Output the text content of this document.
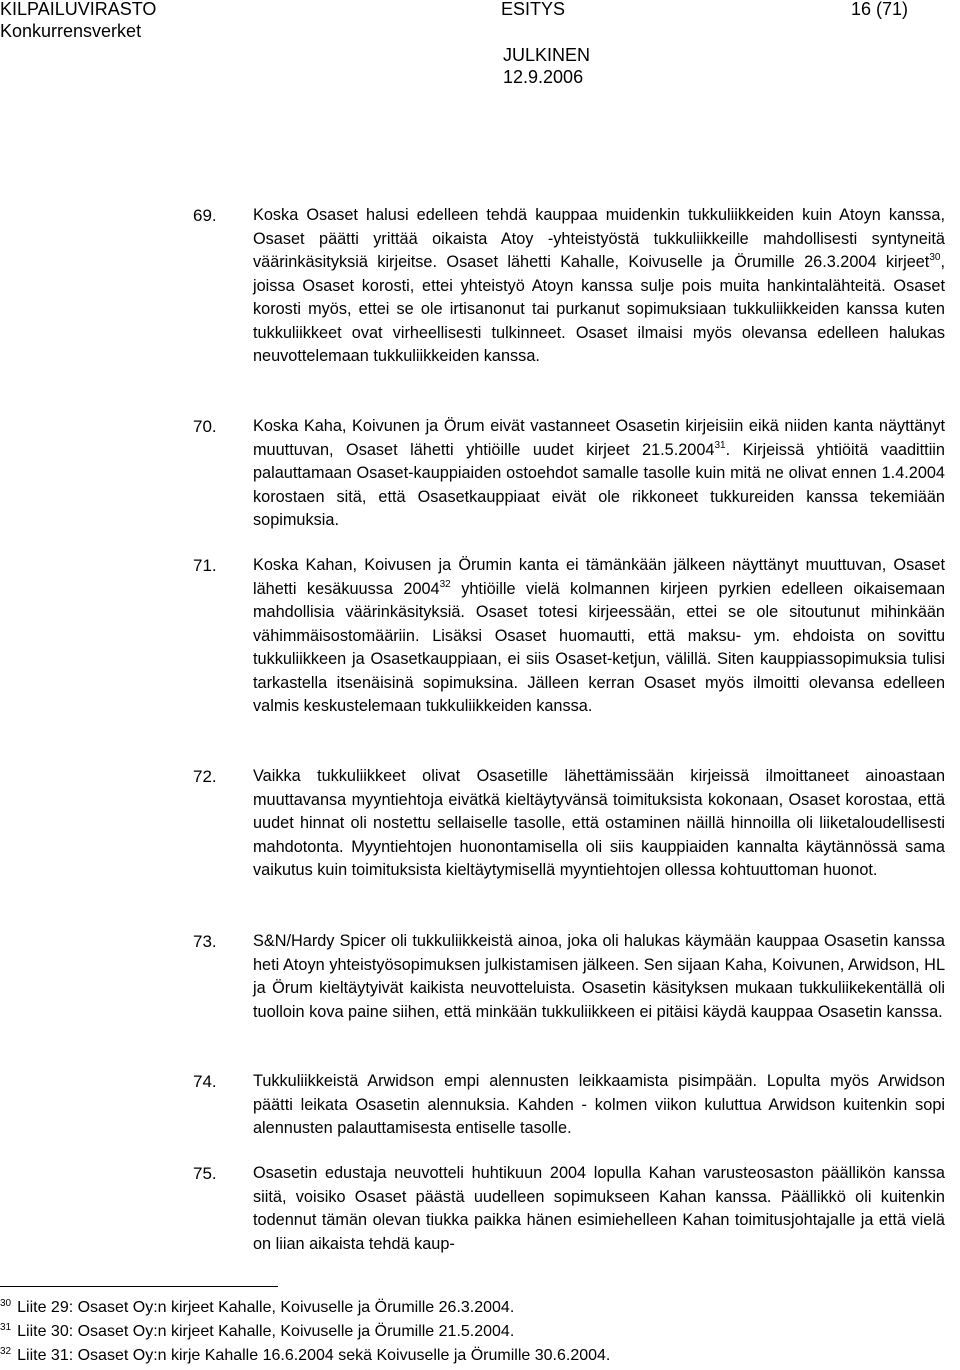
KILPAILUVIRASTO
Konkurrensverket
ESITYS	16 (71)
JULKINEN
12.9.2006
69. Koska Osaset halusi edelleen tehdä kauppaa muidenkin tukkuliikkeiden kuin Atoyn kanssa, Osaset päätti yrittää oikaista Atoy -yhteistyöstä tukkuliikkeille mahdollisesti syntyneitä väärinkäsityksiä kirjeitse. Osaset lähetti Kahalle, Koivuselle ja Örumille 26.3.2004 kirjeet$^{30}$, joissa Osaset korosti, ettei yhteistyö Atoyn kanssa sulje pois muita hankintalähteitä. Osaset korosti myös, ettei se ole irtisanonut tai purkanut sopimuksiaan tukkuliikkeiden kanssa kuten tukkuliikkeet ovat virheellisesti tulkinneet. Osaset ilmaisi myös olevansa edelleen halukas neuvottelemaan tukkuliikkeiden kanssa.
70. Koska Kaha, Koivunen ja Örum eivät vastanneet Osasetin kirjeisiin eikä niiden kanta näyttänyt muuttuvan, Osaset lähetti yhtiöille uudet kirjeet 21.5.2004$^{31}$. Kirjeissä yhtiöitä vaadittiin palauttamaan Osaset-kauppiaiden ostoehdot samalle tasolle kuin mitä ne olivat ennen 1.4.2004 korostaen sitä, että Osasetkauppiaat eivät ole rikkoneet tukkureiden kanssa tekemiään sopimuksia.
71. Koska Kahan, Koivusen ja Örumin kanta ei tämänkään jälkeen näyttänyt muuttuvan, Osaset lähetti kesäkuussa 2004$^{32}$ yhtiöille vielä kolmannen kirjeen pyrkien edelleen oikaisemaan mahdollisia väärinkäsityksiä. Osaset totesi kirjeessään, ettei se ole sitoutunut mihinkään vähimmäisostomääriin. Lisäksi Osaset huomautti, että maksu- ym. ehdoista on sovittu tukkuliikkeen ja Osasetkauppiaan, ei siis Osaset-ketjun, välillä. Siten kauppiassopimuksia tulisi tarkastella itsenäisinä sopimuksina. Jälleen kerran Osaset myös ilmoitti olevansa edelleen valmis keskustelemaan tukkuliikkeiden kanssa.
72. Vaikka tukkuliikkeet olivat Osasetille lähettämissään kirjeissä ilmoittaneet ainoastaan muuttavansa myyntiehtoja eivätkä kieltäytyvänsä toimituksista kokonaan, Osaset korostaa, että uudet hinnat oli nostettu sellaiselle tasolle, että ostaminen näillä hinnoilla oli liiketaloudellisesti mahdotonta. Myyntiehtojen huonontamisella oli siis kauppiaiden kannalta käytännössä sama vaikutus kuin toimituksista kieltäytymisellä myyntiehtojen ollessa kohtuuttoman huonot.
73. S&N/Hardy Spicer oli tukkuliikkeistä ainoa, joka oli halukas käymään kauppaa Osasetin kanssa heti Atoyn yhteistyösopimuksen julkistamisen jälkeen. Sen sijaan Kaha, Koivunen, Arwidson, HL ja Örum kieltäytyivät kaikista neuvotteluista. Osasetin käsityksen mukaan tukkuliikekentällä oli tuolloin kova paine siihen, että minkään tukkuliikkeen ei pitäisi käydä kauppaa Osasetin kanssa.
74. Tukkuliikkeistä Arwidson empi alennusten leikkaamista pisimpään. Lopulta myös Arwidson päätti leikata Osasetin alennuksia. Kahden - kolmen viikon kuluttua Arwidson kuitenkin sopi alennusten palauttamisesta entiselle tasolle.
75. Osasetin edustaja neuvotteli huhtikuun 2004 lopulla Kahan varusteosaston päällikön kanssa siitä, voisiko Osaset päästä uudelleen sopimukseen Kahan kanssa. Päällikkö oli kuitenkin todennut tämän olevan tiukka paikka hänen esimiehelleen Kahan toimitusjohtajalle ja että vielä on liian aikaista tehdä kaup-
$^{30}$ Liite 29: Osaset Oy:n kirjeet Kahalle, Koivuselle ja Örumille 26.3.2004.
$^{31}$ Liite 30: Osaset Oy:n kirjeet Kahalle, Koivuselle ja Örumille 21.5.2004.
$^{32}$ Liite 31: Osaset Oy:n kirje Kahalle 16.6.2004 sekä Koivuselle ja Örumille 30.6.2004.
